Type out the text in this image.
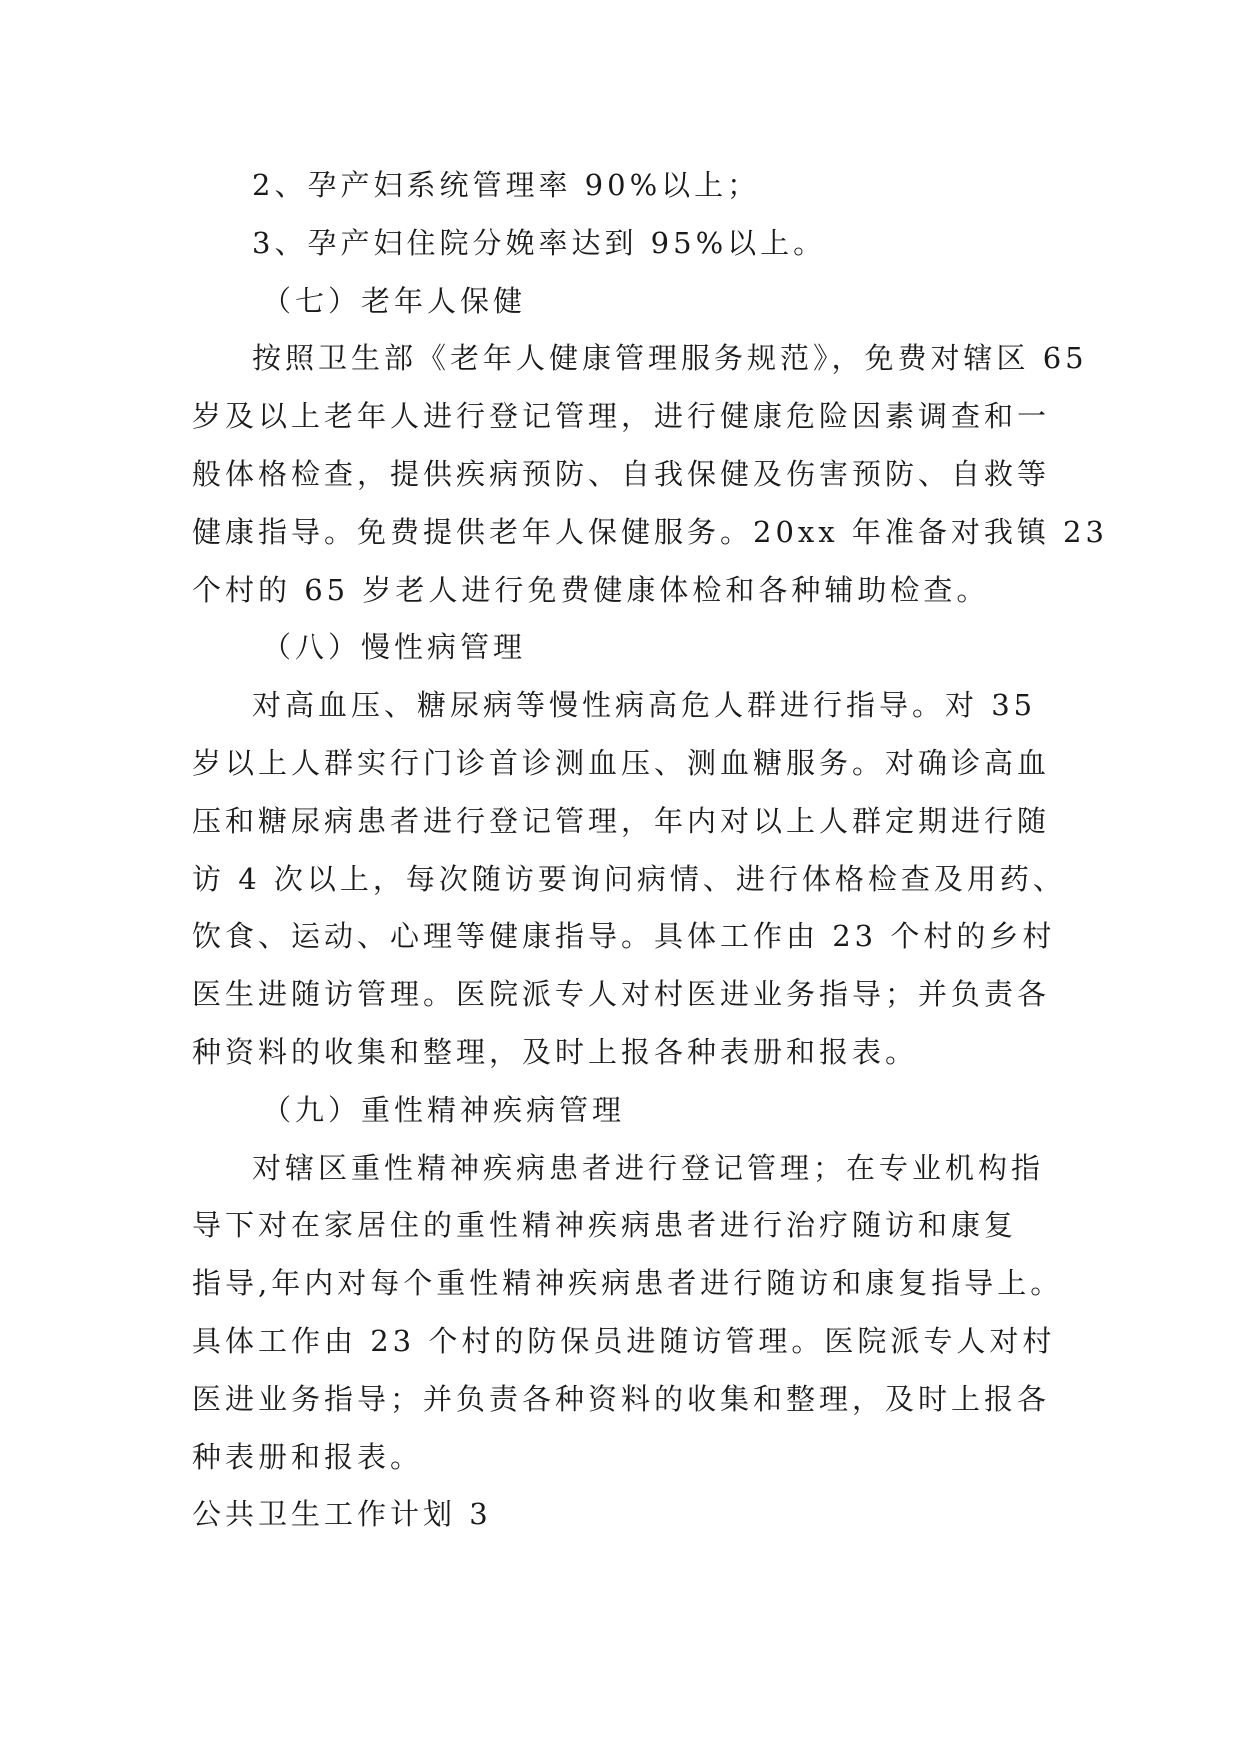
2、孕产妇系统管理率 90%以上；
3、孕产妇住院分娩率达到 95%以上。
（七）老年人保健
按照卫生部《老年人健康管理服务规范》，免费对辖区 65
岁及以上老年人进行登记管理，进行健康危险因素调查和一
般体格检查，提供疾病预防、自我保健及伤害预防、自救等
健康指导。免费提供老年人保健服务。20xx 年准备对我镇 23
个村的 65 岁老人进行免费健康体检和各种辅助检查。
（八）慢性病管理
对高血压、糖尿病等慢性病高危人群进行指导。对 35
岁以上人群实行门诊首诊测血压、测血糖服务。对确诊高血
压和糖尿病患者进行登记管理，年内对以上人群定期进行随
访 4 次以上，每次随访要询问病情、进行体格检查及用药、
饮食、运动、心理等健康指导。具体工作由 23 个村的乡村
医生进随访管理。医院派专人对村医进业务指导；并负责各
种资料的收集和整理，及时上报各种表册和报表。
（九）重性精神疾病管理
对辖区重性精神疾病患者进行登记管理；在专业机构指
导下对在家居住的重性精神疾病患者进行治疗随访和康复
指导,年内对每个重性精神疾病患者进行随访和康复指导上。
具体工作由 23 个村的防保员进随访管理。医院派专人对村
医进业务指导；并负责各种资料的收集和整理，及时上报各
种表册和报表。
公共卫生工作计划 3
